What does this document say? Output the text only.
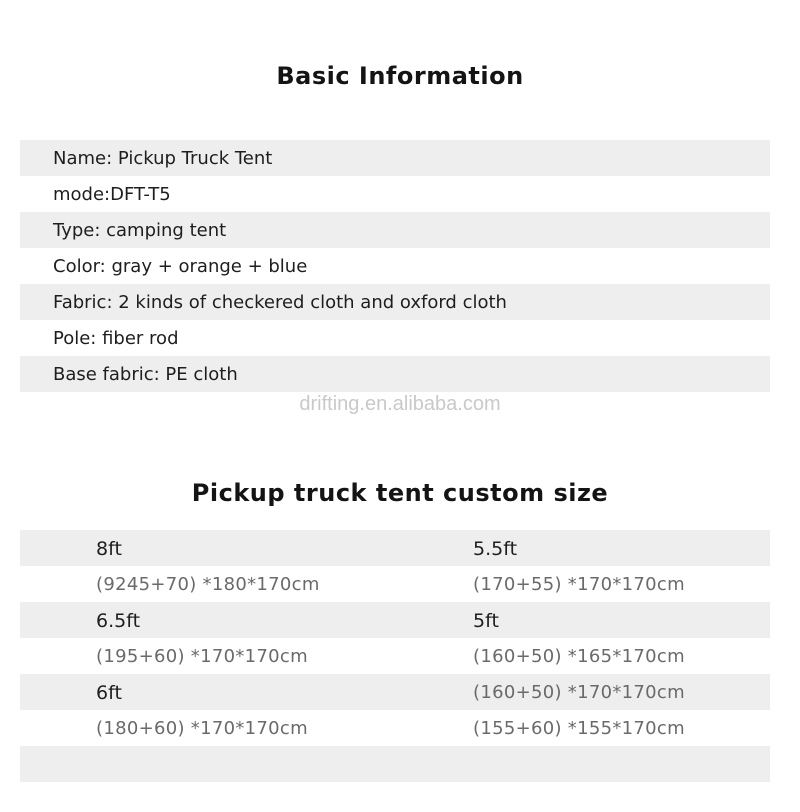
Basic Information
Name: Pickup Truck Tent
mode:DFT-T5
Type: camping tent
Color: gray + orange + blue
Fabric: 2 kinds of checkered cloth and oxford cloth
Pole: fiber rod
Base fabric: PE cloth
drifting.en.alibaba.com
Pickup truck tent custom size
8ft	5.5ft
(9245+70) *180*170cm	(170+55) *170*170cm
6.5ft	5ft
(195+60) *170*170cm	(160+50) *165*170cm
6ft	(160+50) *170*170cm
(180+60) *170*170cm	(155+60) *155*170cm
